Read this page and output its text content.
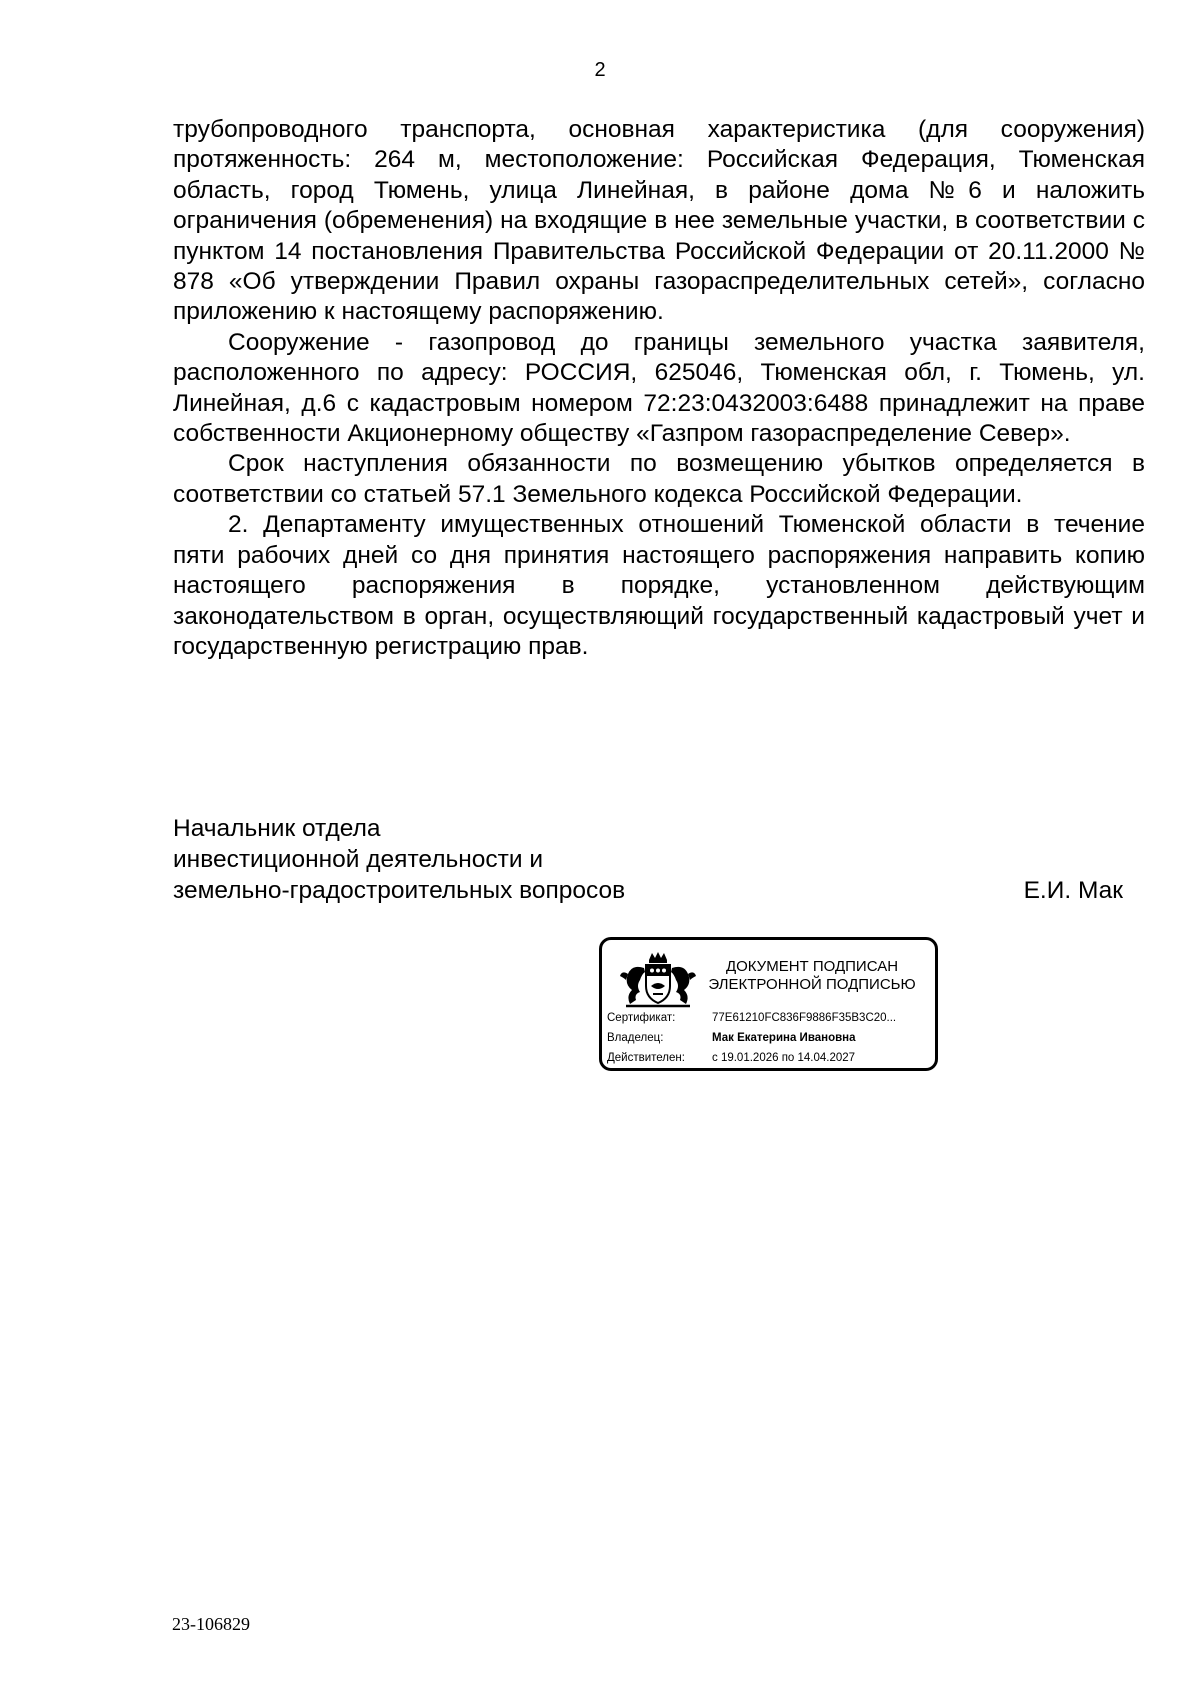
2

трубопроводного транспорта, основная характеристика (для сооружения) протяженность: 264 м, местоположение: Российская Федерация, Тюменская область, город Тюмень, улица Линейная, в районе дома №6 и наложить ограничения (обременения) на входящие в нее земельные участки, в соответствии с пунктом 14 постановления Правительства Российской Федерации от 20.11.2000 № 878 «Об утверждении Правил охраны газораспределительных сетей», согласно приложению к настоящему распоряжению.

Сооружение - газопровод до границы земельного участка заявителя, расположенного по адресу: РОССИЯ, 625046, Тюменская обл, г. Тюмень, ул. Линейная, д.6 с кадастровым номером 72:23:0432003:6488 принадлежит на праве собственности Акционерному обществу «Газпром газораспределение Север».

Срок наступления обязанности по возмещению убытков определяется в соответствии со статьей 57.1 Земельного кодекса Российской Федерации.

2. Департаменту имущественных отношений Тюменской области в течение пяти рабочих дней со дня принятия настоящего распоряжения направить копию настоящего распоряжения в порядке, установленном действующим законодательством в орган, осуществляющий государственный кадастровый учет и государственную регистрацию прав.

Начальник отдела
инвестиционной деятельности и
земельно-градостроительных вопросов	Е.И. Мак
ДОКУМЕНТ ПОДПИСАН
ЭЛЕКТРОННОЙ ПОДПИСЬЮ
Сертификат:	77E61210FC836F9886F35B3C20...
Владелец:	Мак Екатерина Ивановна
Действителен: с 19.01.2026 по 14.04.2027
23-106829
